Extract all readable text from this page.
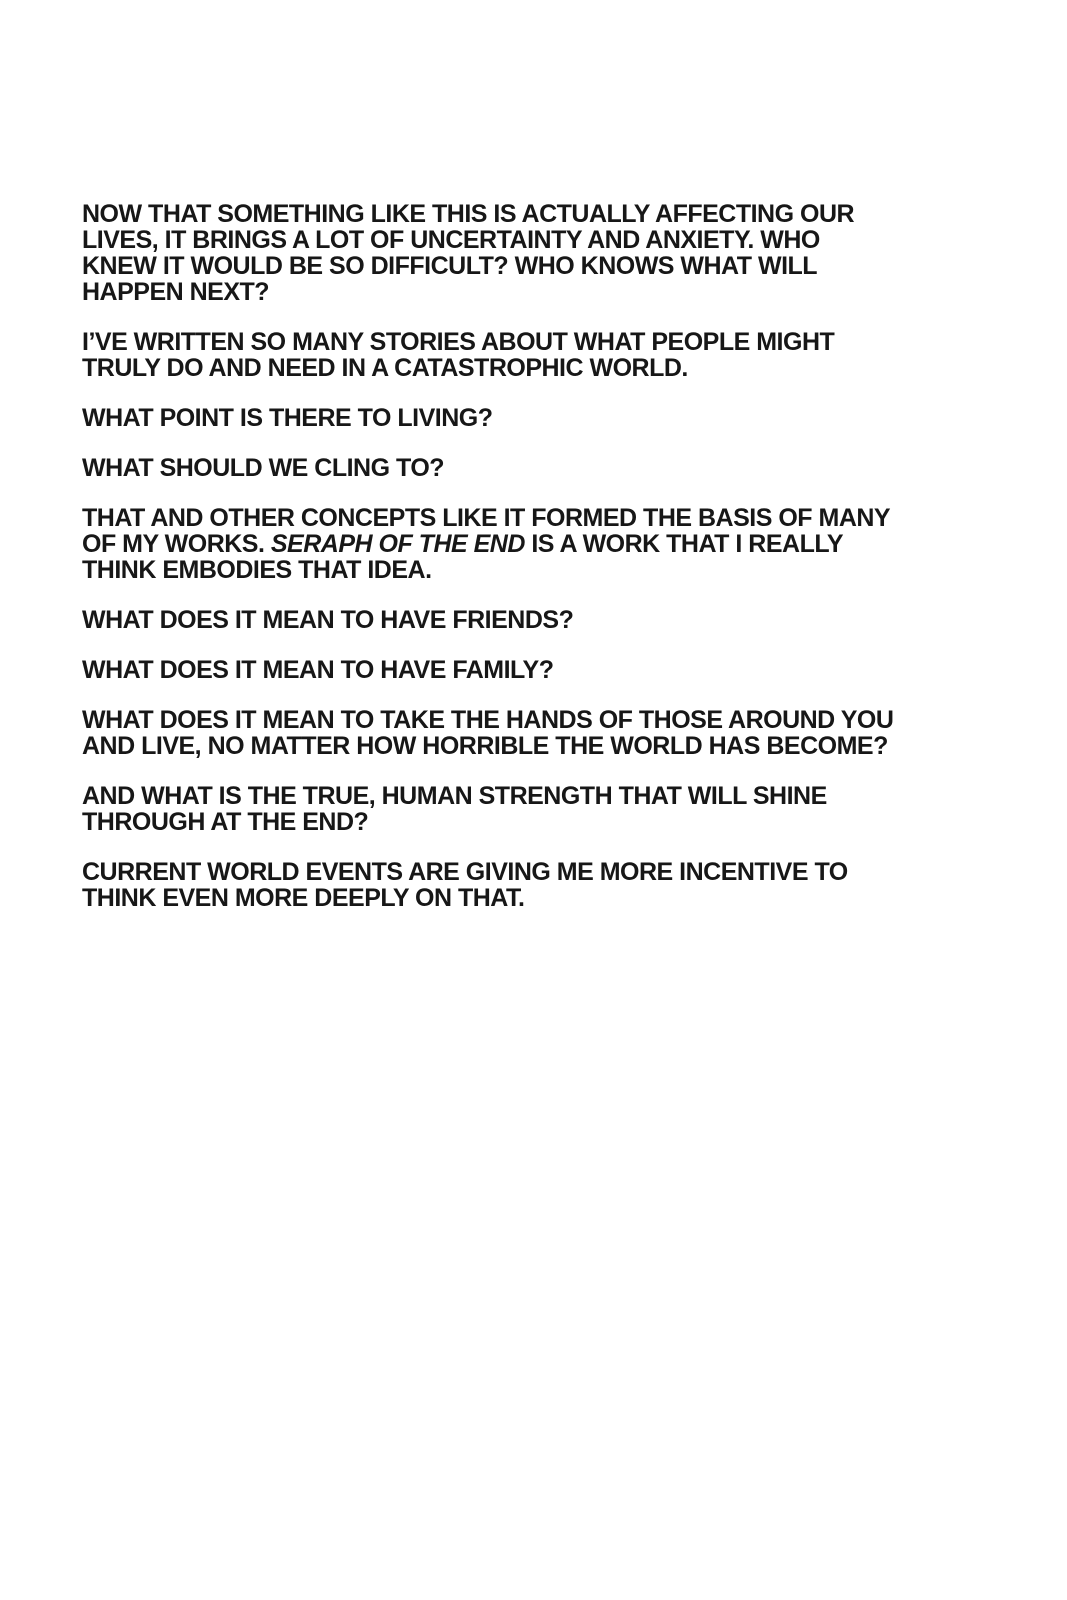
NOW THAT SOMETHING LIKE THIS IS ACTUALLY AFFECTING OUR
LIVES, IT BRINGS A LOT OF UNCERTAINTY AND ANXIETY. WHO
KNEW IT WOULD BE SO DIFFICULT? WHO KNOWS WHAT WILL
HAPPEN NEXT?

I’VE WRITTEN SO MANY STORIES ABOUT WHAT PEOPLE MIGHT
TRULY DO AND NEED IN A CATASTROPHIC WORLD.

WHAT POINT IS THERE TO LIVING?

WHAT SHOULD WE CLING TO?

THAT AND OTHER CONCEPTS LIKE IT FORMED THE BASIS OF MANY
OF MY WORKS. SERAPH OF THE END IS A WORK THAT I REALLY
THINK EMBODIES THAT IDEA.

WHAT DOES IT MEAN TO HAVE FRIENDS?

WHAT DOES IT MEAN TO HAVE FAMILY?

WHAT DOES IT MEAN TO TAKE THE HANDS OF THOSE AROUND YOU
AND LIVE, NO MATTER HOW HORRIBLE THE WORLD HAS BECOME?

AND WHAT IS THE TRUE, HUMAN STRENGTH THAT WILL SHINE
THROUGH AT THE END?

CURRENT WORLD EVENTS ARE GIVING ME MORE INCENTIVE TO
THINK EVEN MORE DEEPLY ON THAT.
